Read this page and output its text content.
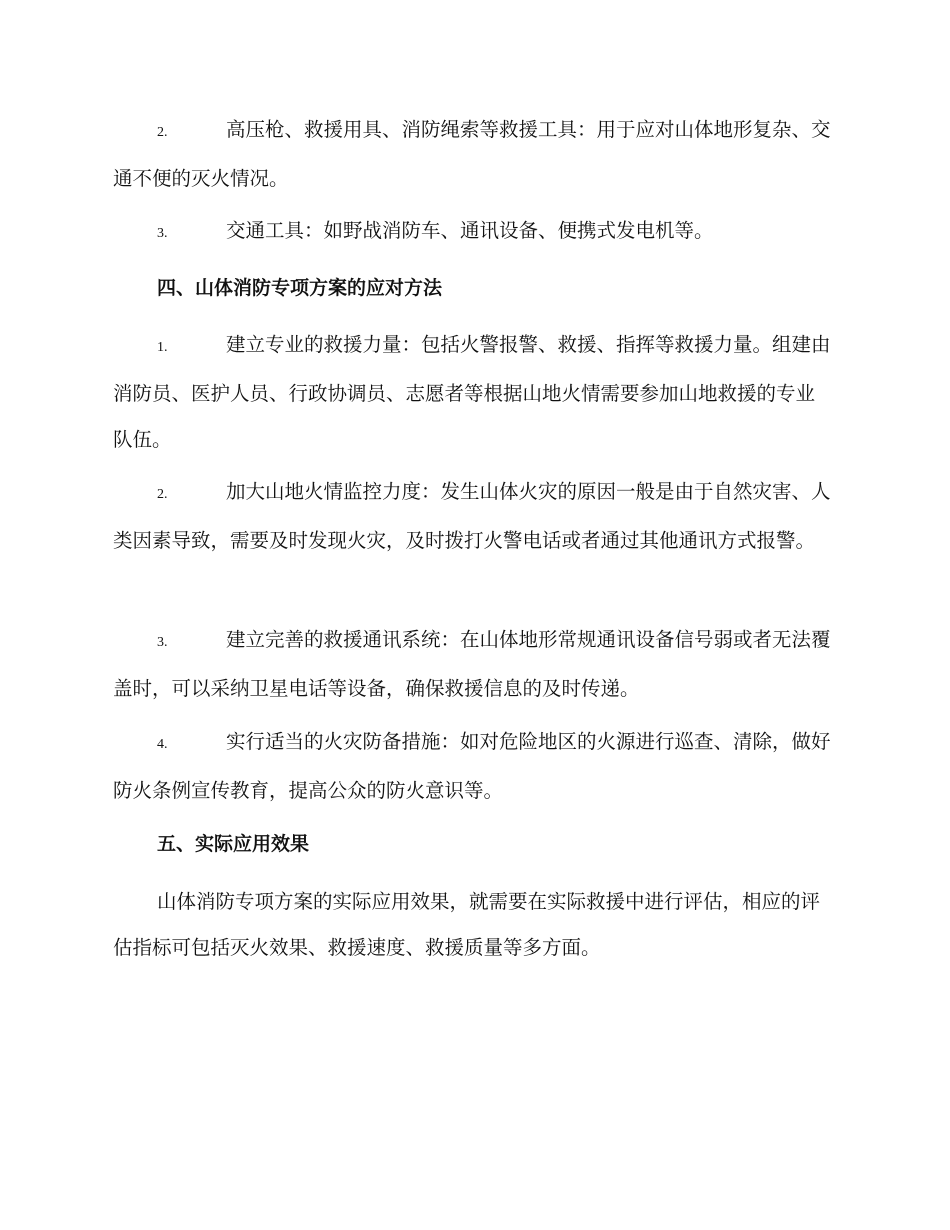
2.	高压枪、救援用具、消防绳索等救援工具：用于应对山体地形复杂、交通不便的灭火情况。
3.	交通工具：如野战消防车、通讯设备、便携式发电机等。
四、山体消防专项方案的应对方法
1.	建立专业的救援力量：包括火警报警、救援、指挥等救援力量。组建由消防员、医护人员、行政协调员、志愿者等根据山地火情需要参加山地救援的专业队伍。
2.	加大山地火情监控力度：发生山体火灾的原因一般是由于自然灾害、人类因素导致，需要及时发现火灾，及时拨打火警电话或者通过其他通讯方式报警。
3.	建立完善的救援通讯系统：在山体地形常规通讯设备信号弱或者无法覆盖时，可以采纳卫星电话等设备，确保救援信息的及时传递。
4.	实行适当的火灾防备措施：如对危险地区的火源进行巡查、清除，做好防火条例宣传教育，提高公众的防火意识等。
五、实际应用效果
山体消防专项方案的实际应用效果，就需要在实际救援中进行评估，相应的评估指标可包括灭火效果、救援速度、救援质量等多方面。
